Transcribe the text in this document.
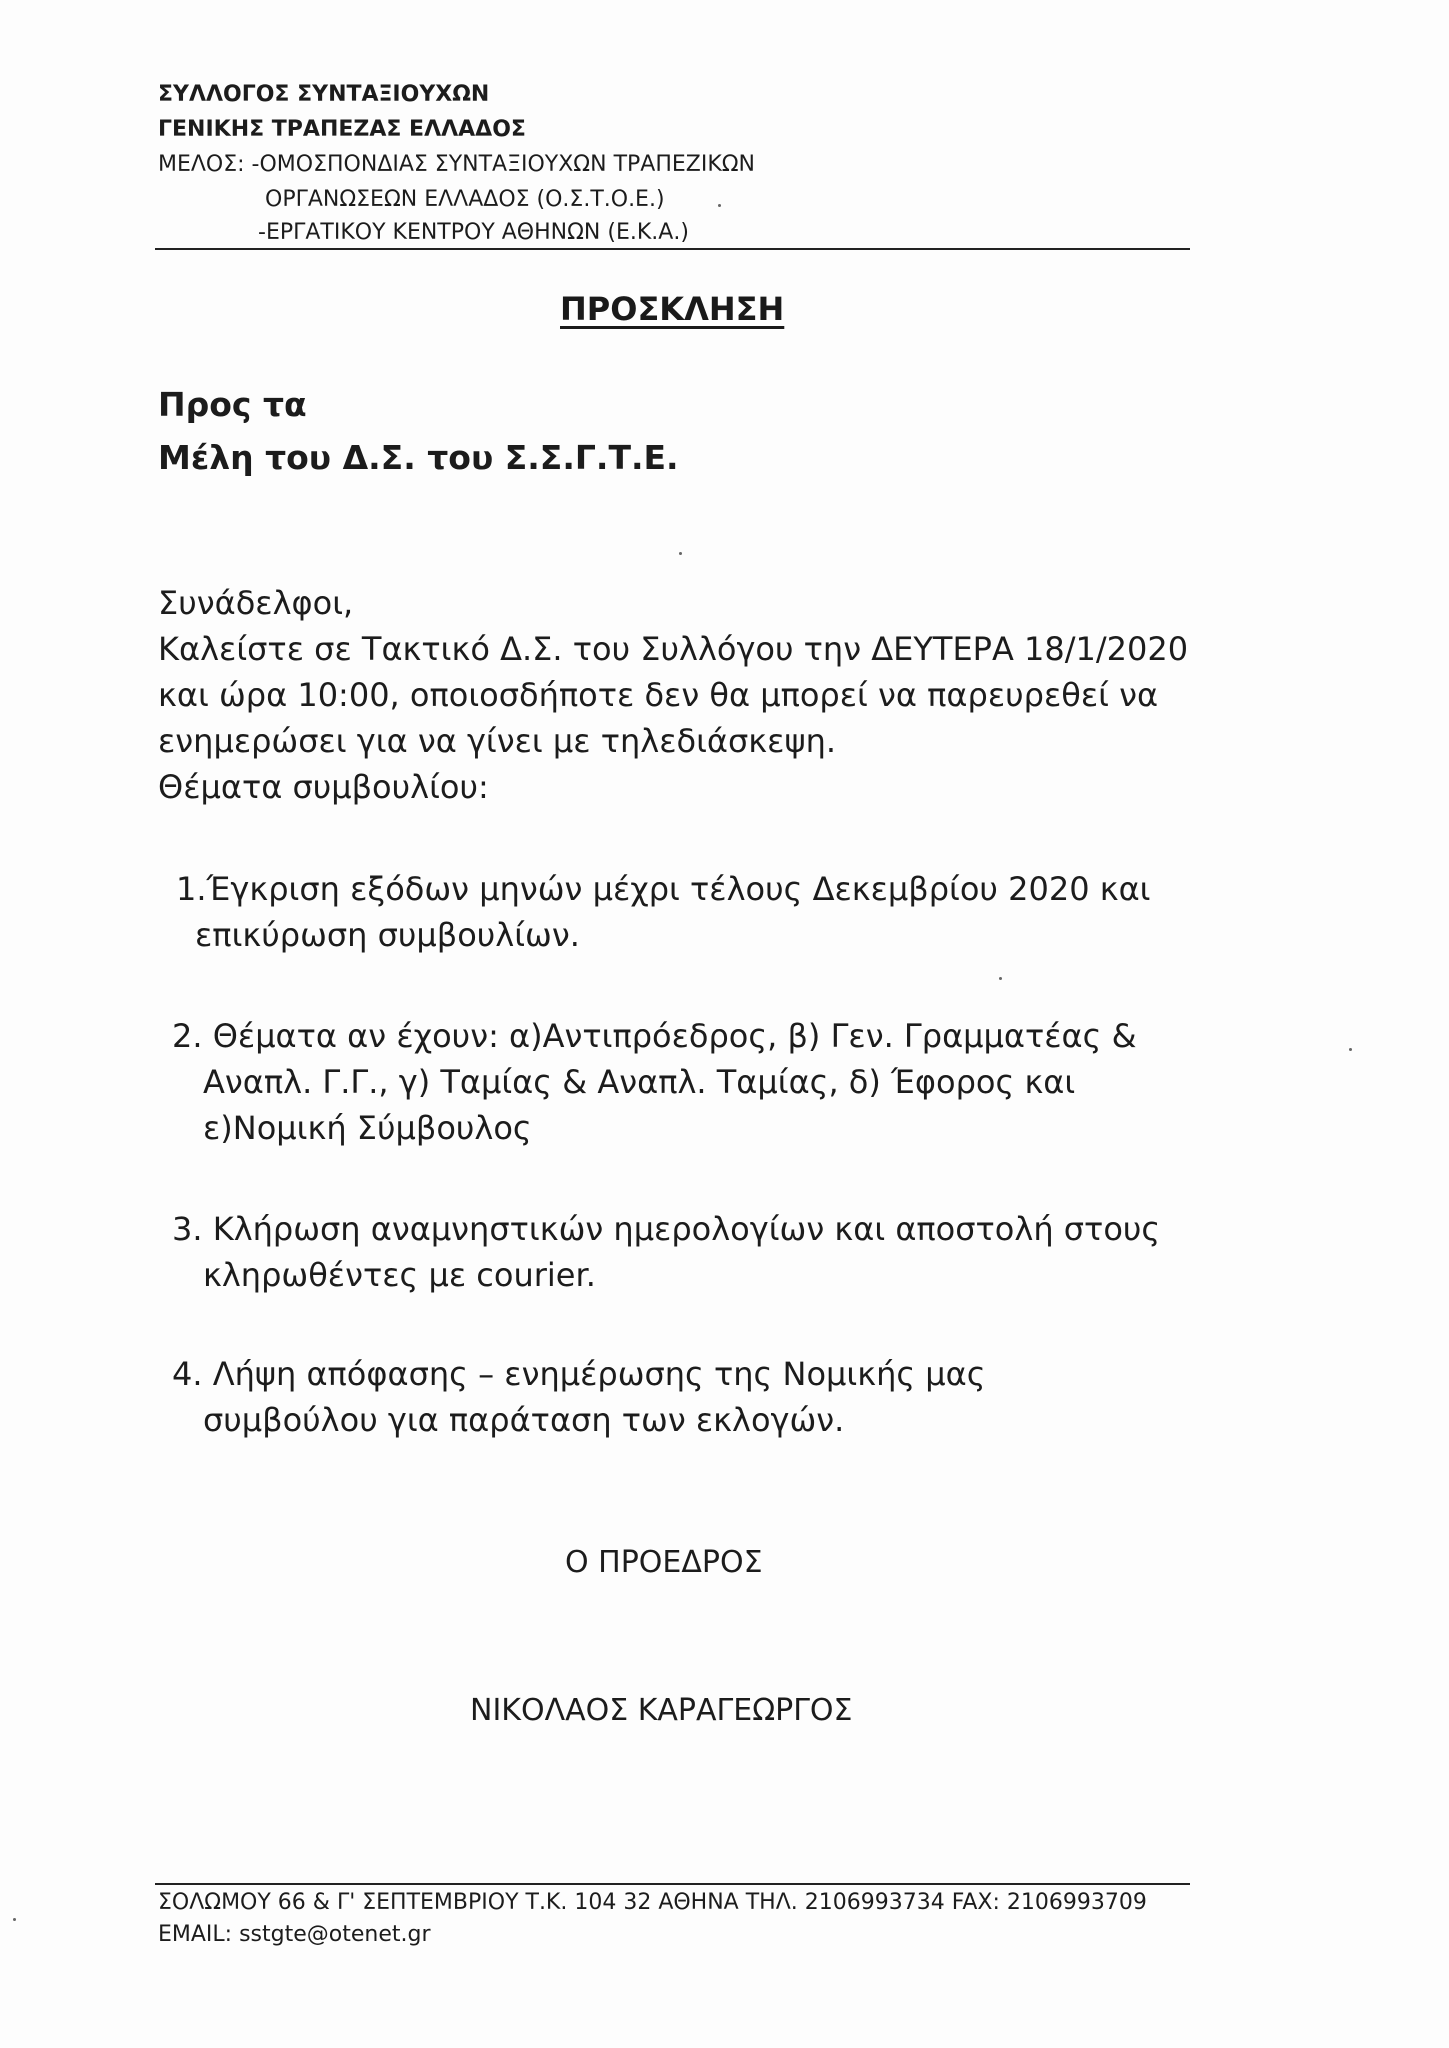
ΣΥΛΛΟΓΟΣ ΣΥΝΤΑΞΙΟΥΧΩΝ
ΓΕΝΙΚΗΣ ΤΡΑΠΕΖΑΣ ΕΛΛΑΔΟΣ
ΜΕΛΟΣ: -ΟΜΟΣΠΟΝΔΙΑΣ ΣΥΝΤΑΞΙΟΥΧΩΝ ΤΡΑΠΕΖΙΚΩΝ
ΟΡΓΑΝΩΣΕΩΝ ΕΛΛΑΔΟΣ (Ο.Σ.Τ.Ο.Ε.)
-ΕΡΓΑΤΙΚΟΥ ΚΕΝΤΡΟΥ ΑΘΗΝΩΝ (Ε.Κ.Α.)
ΠΡΟΣΚΛΗΣΗ
Προς τα
Μέλη του Δ.Σ. του Σ.Σ.Γ.Τ.Ε.
Συνάδελφοι,
Καλείστε σε Τακτικό Δ.Σ. του Συλλόγου την ΔΕΥΤΕΡΑ 18/1/2020
και ώρα 10:00, οποιοσδήποτε δεν θα μπορεί να παρευρεθεί να
ενημερώσει για να γίνει με τηλεδιάσκεψη.
Θέματα συμβουλίου:
1.Έγκριση εξόδων μηνών μέχρι τέλους Δεκεμβρίου 2020 και
επικύρωση συμβουλίων.
2. Θέματα αν έχουν: α)Αντιπρόεδρος, β) Γεν. Γραμματέας &
Αναπλ. Γ.Γ., γ) Ταμίας & Αναπλ. Ταμίας, δ) Έφορος και
ε)Νομική Σύμβουλος
3. Κλήρωση αναμνηστικών ημερολογίων και αποστολή στους
κληρωθέντες με courier.
4. Λήψη απόφασης – ενημέρωσης της Νομικής μας
συμβούλου για παράταση των εκλογών.
Ο ΠΡΟΕΔΡΟΣ
ΝΙΚΟΛΑΟΣ ΚΑΡΑΓΕΩΡΓΟΣ
ΣΟΛΩΜΟΥ 66 & Γ' ΣΕΠΤΕΜΒΡΙΟΥ Τ.Κ. 104 32 ΑΘΗΝΑ ΤΗΛ. 2106993734 FAX: 2106993709
EMAIL: sstgte@otenet.gr
